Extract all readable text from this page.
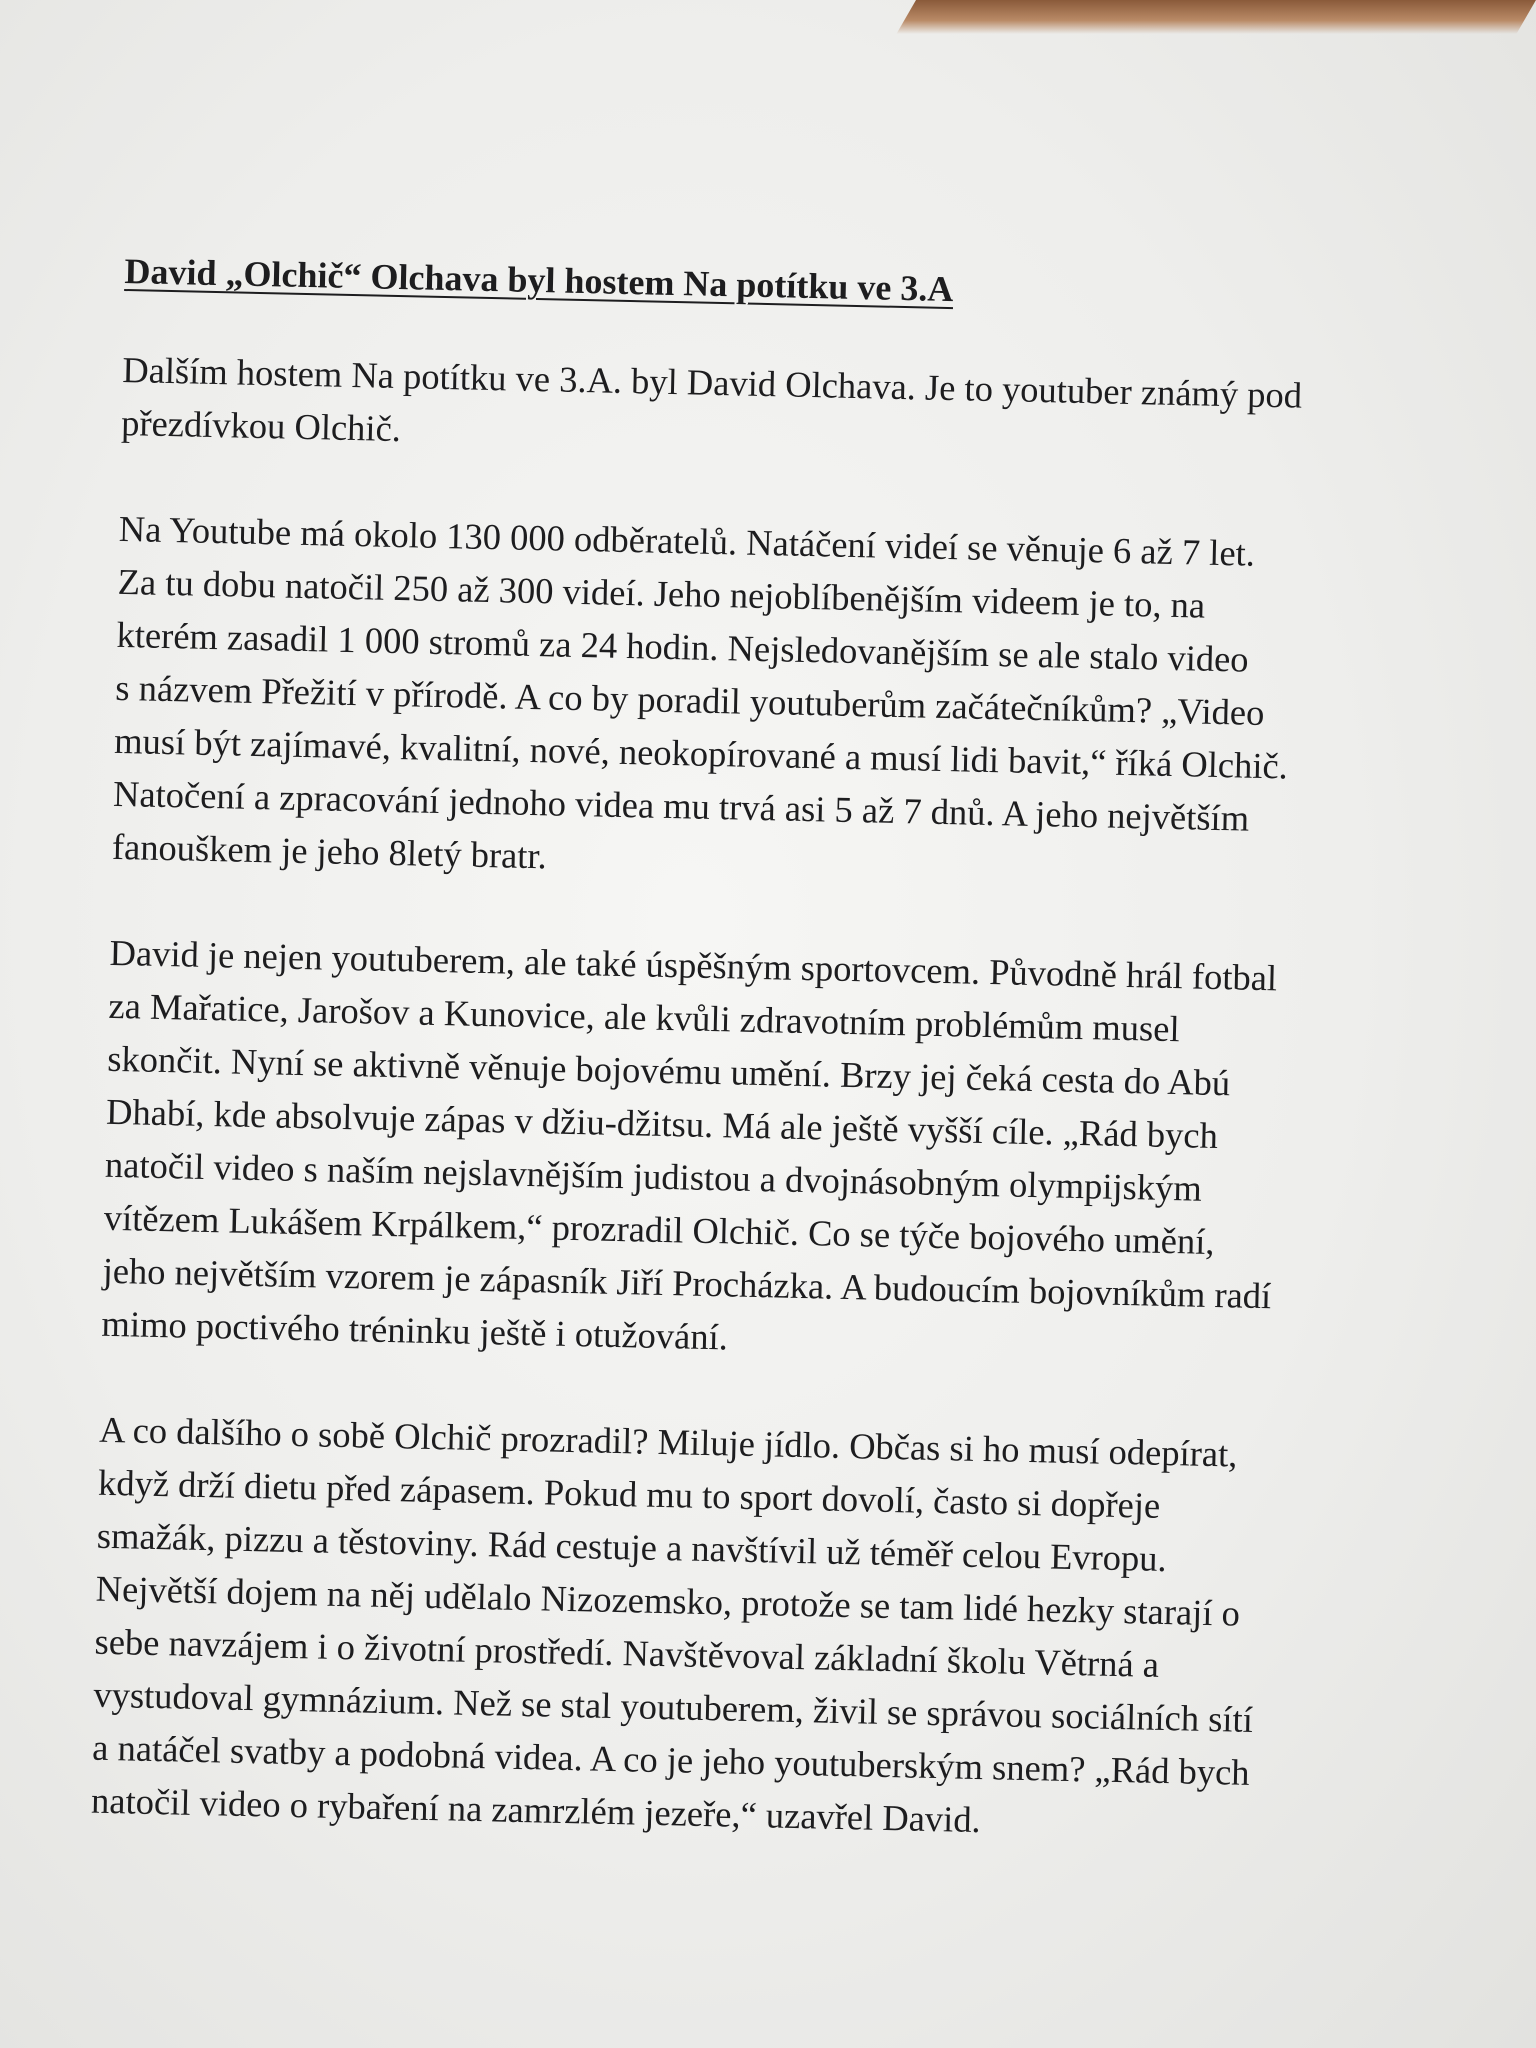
David „Olchič“ Olchava byl hostem Na potítku ve 3.A
Dalším hostem Na potítku ve 3.A. byl David Olchava. Je to youtuber známý pod
přezdívkou Olchič.
Na Youtube má okolo 130 000 odběratelů. Natáčení videí se věnuje 6 až 7 let.
Za tu dobu natočil 250 až 300 videí. Jeho nejoblíbenějším videem je to, na
kterém zasadil 1 000 stromů za 24 hodin. Nejsledovanějším se ale stalo video
s názvem Přežití v přírodě. A co by poradil youtuberům začátečníkům? „Video
musí být zajímavé, kvalitní, nové, neokopírované a musí lidi bavit,“ říká Olchič.
Natočení a zpracování jednoho videa mu trvá asi 5 až 7 dnů. A jeho největším
fanouškem je jeho 8letý bratr.
David je nejen youtuberem, ale také úspěšným sportovcem. Původně hrál fotbal
za Mařatice, Jarošov a Kunovice, ale kvůli zdravotním problémům musel
skončit. Nyní se aktivně věnuje bojovému umění. Brzy jej čeká cesta do Abú
Dhabí, kde absolvuje zápas v džiu-džitsu. Má ale ještě vyšší cíle. „Rád bych
natočil video s naším nejslavnějším judistou a dvojnásobným olympijským
vítězem Lukášem Krpálkem,“ prozradil Olchič. Co se týče bojového umění,
jeho největším vzorem je zápasník Jiří Procházka. A budoucím bojovníkům radí
mimo poctivého tréninku ještě i otužování.
A co dalšího o sobě Olchič prozradil? Miluje jídlo. Občas si ho musí odepírat,
když drží dietu před zápasem. Pokud mu to sport dovolí, často si dopřeje
smažák, pizzu a těstoviny. Rád cestuje a navštívil už téměř celou Evropu.
Největší dojem na něj udělalo Nizozemsko, protože se tam lidé hezky starají o
sebe navzájem i o životní prostředí. Navštěvoval základní školu Větrná a
vystudoval gymnázium. Než se stal youtuberem, živil se správou sociálních sítí
a natáčel svatby a podobná videa. A co je jeho youtuberským snem? „Rád bych
natočil video o rybaření na zamrzlém jezeře,“ uzavřel David.
